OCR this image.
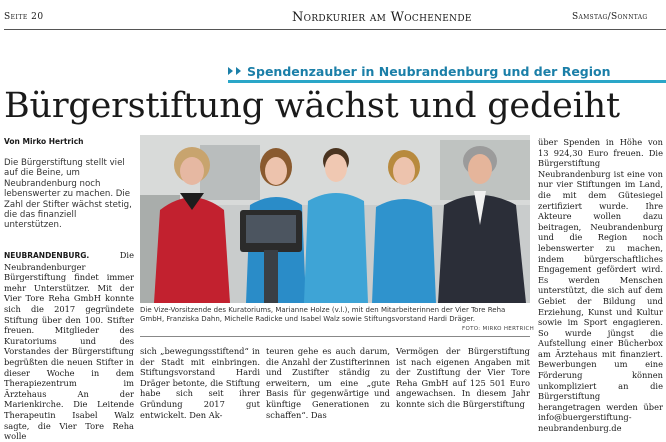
Seite 20	Nordkurier am Wochenende	Samstag/Sonntag
Spendenzauber in Neubrandenburg und der Region
Bürgerstiftung wächst und gedeiht
Von Mirko Hertrich
Die Bürgerstiftung stellt viel auf die Beine, um Neubrandenburg noch lebenswerter zu machen. Die Zahl der Stifter wächst stetig, die das finanziell unterstützen.
NEUBRANDENBURG.	Die Neubrandenburger Bürgerstiftung findet immer mehr Unterstützer. Mit der Vier Tore Reha GmbH konnte sich die 2017 gegründete Stiftung über den 100. Stifter freuen. Mitglieder des Kuratoriums und des Vorstandes der Bürgerstiftung begrüßten die neuen Stifter in dieser Woche in dem Therapiezentrum im Ärztehaus An der Marienkirche. Die Leitende Therapeutin Isabel Walz sagte, die Vier Tore Reha wolle
Die Vize-Vorsitzende des Kuratoriums, Marianne Holze (v.l.), mit den Mitarbeiterinnen der Vier Tore Reha GmbH, Franziska Dahn, Michelle Radicke und Isabel Walz sowie Stiftungsvorstand Hardi Dräger.
FOTO: MIRKO HERTRICH
sich „bewegungsstiftend“ in der Stadt mit einbringen. Stiftungsvorstand Hardi Dräger betonte, die Stiftung habe sich seit ihrer Gründung 2017 gut entwickelt. Den Ak-
teuren gehe es auch darum, die Anzahl der Zustifterinnen und Zustifter ständig zu erweitern, um eine „gute Basis für gegenwärtige und künftige Generationen zu schaffen“. Das
Vermögen der Bürgerstiftung ist nach eigenen Angaben mit der Zustiftung der Vier Tore Reha GmbH auf 125 501 Euro angewachsen. In diesem Jahr konnte sich die Bürgerstiftung
über Spenden in Höhe von 13 924,30 Euro freuen. Die Bürgerstiftung Neubrandenburg ist eine von nur vier Stiftungen im Land, die mit dem Gütesiegel zertifiziert wurde. Ihre Akteure wollen dazu beitragen, Neubrandenburg und die Region noch lebenswerter zu machen, indem bürgerschaftliches Engagement gefördert wird. Es werden Menschen unterstützt, die sich auf dem Gebiet der Bildung und Erziehung, Kunst und Kultur sowie im Sport engagieren. So wurde jüngst die Aufstellung einer Bücherbox am Ärztehaus mit finanziert. Bewerbungen um eine Förderung können unkompliziert an die Bürgerstiftung herangetragen werden über info@buergerstiftung-neubrandenburg.de
